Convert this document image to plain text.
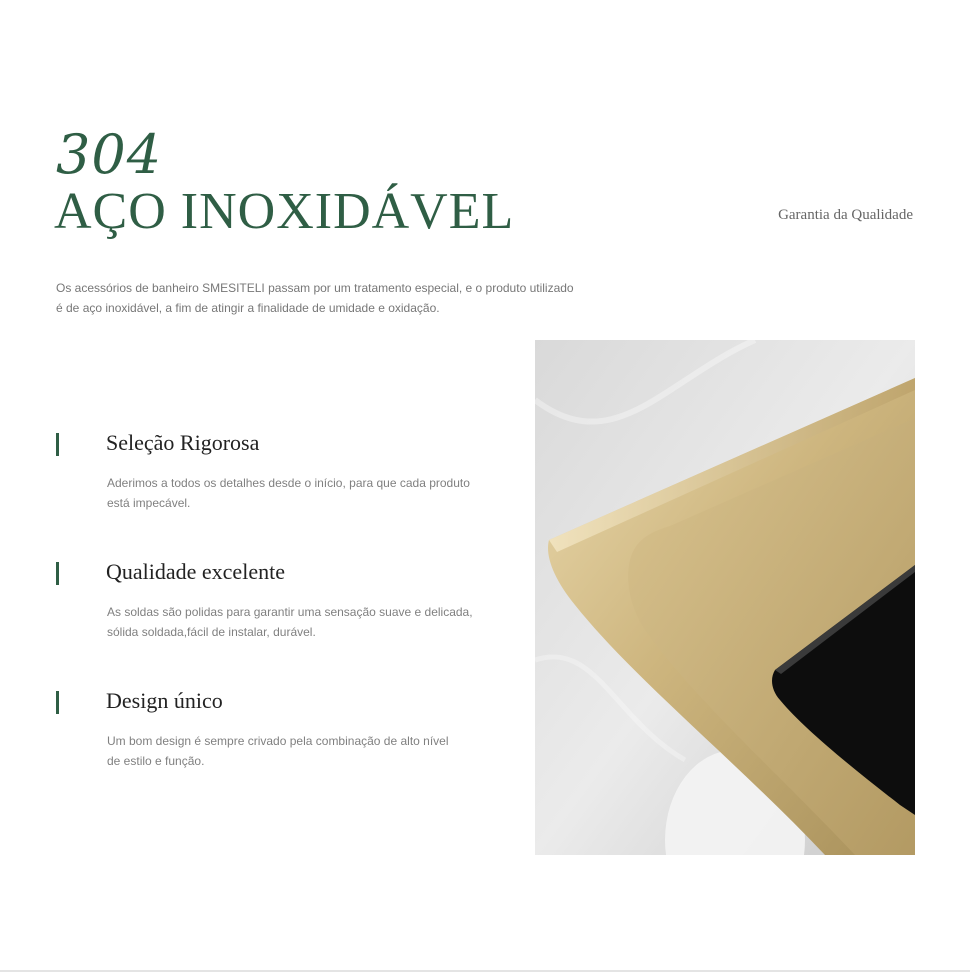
304
AÇO INOXIDÁVEL	Garantia da Qualidade
Os acessórios de banheiro SMESITELI passam por um tratamento especial, e o produto utilizado
é de aço inoxidável, a fim de atingir a finalidade de umidade e oxidação.
Seleção Rigorosa
Aderimos a todos os detalhes desde o início, para que cada produto
está impecável.
Qualidade excelente
As soldas são polidas para garantir uma sensação suave e delicada,
sólida soldada,fácil de instalar, durável.
Design único
Um bom design é sempre crivado pela combinação de alto nível
de estilo e função.
